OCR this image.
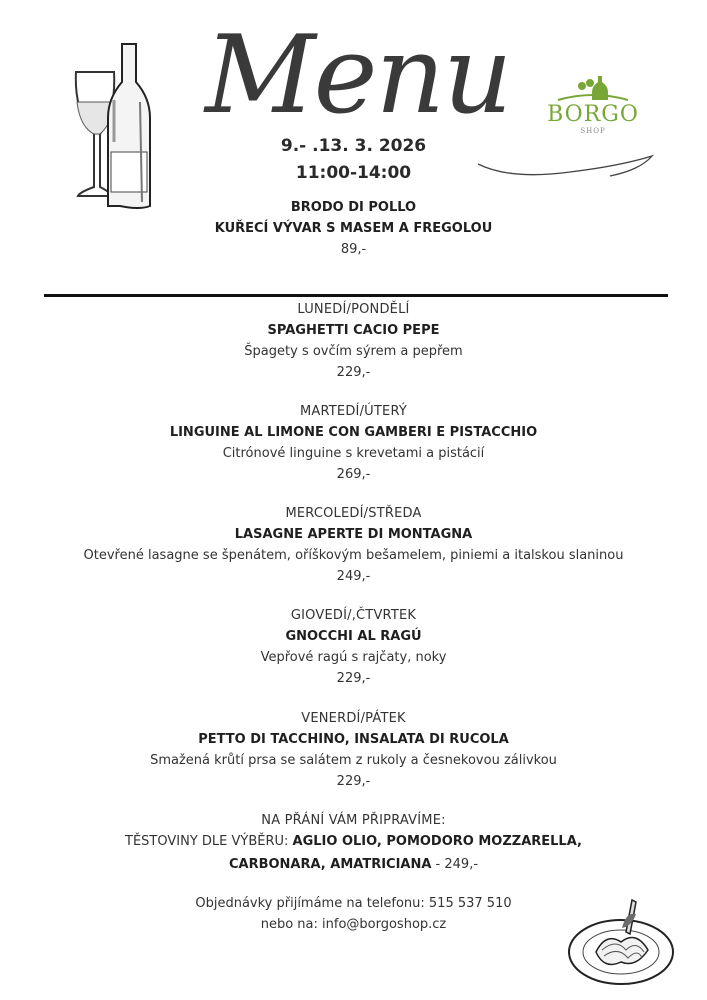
Menu	BORGO
SHOP
9.- .13. 3. 2026
11:00-14:00
BRODO DI POLLO
KUŘECÍ VÝVAR S MASEM A FREGOLOU
89,-
LUNEDÍ/PONDĚLÍ
SPAGHETTI CACIO PEPE
Špagety s ovčím sýrem a pepřem
229,-
MARTEDÍ/ÚTERÝ
LINGUINE AL LIMONE CON GAMBERI E PISTACCHIO
Citrónové linguine s krevetami a pistácií
269,-
MERCOLEDÍ/STŘEDA
LASAGNE APERTE DI MONTAGNA
Otevřené lasagne se špenátem, oříškovým bešamelem, piniemi a italskou slaninou
249,-
GIOVEDÍ/,ČTVRTEK
GNOCCHI AL RAGÚ
Vepřové ragú s rajčaty, noky
229,-
VENERDÍ/PÁTEK
PETTO DI TACCHINO, INSALATA DI RUCOLA
Smažená krůtí prsa se salátem z rukoly a česnekovou zálivkou
229,-
NA PŘÁNÍ VÁM PŘIPRAVÍME:
TĚSTOVINY DLE VÝBĚRU: AGLIO OLIO, POMODORO MOZZARELLA,
CARBONARA, AMATRICIANA - 249,-
Objednávky přijímáme na telefonu: 515 537 510
nebo na: info@borgoshop.cz
